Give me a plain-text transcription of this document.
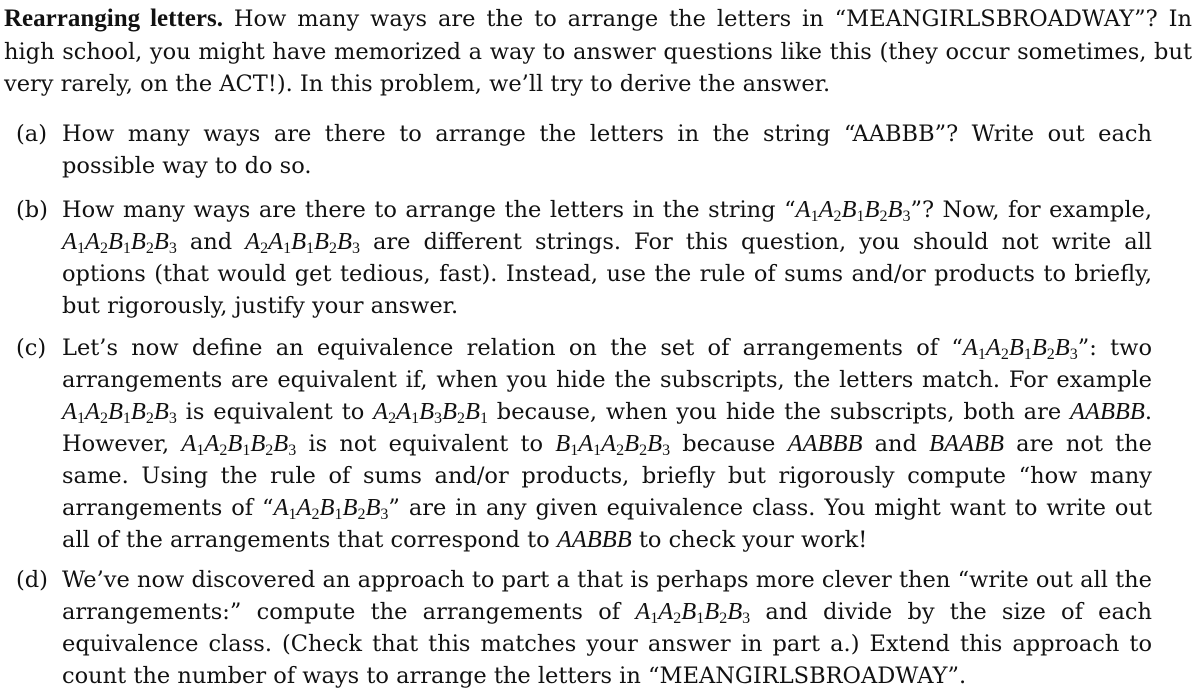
Rearranging letters. How many ways are the to arrange the letters in “MEANGIRLSBROADWAY”? In high school, you might have memorized a way to answer questions like this (they occur sometimes, but very rarely, on the ACT!). In this problem, we’ll try to derive the answer.
(a) How many ways are there to arrange the letters in the string “AABBB”? Write out each possible way to do so.
(b) How many ways are there to arrange the letters in the string “$A_1A_2B_1B_2B_3$”? Now, for example, $A_1A_2B_1B_2B_3$ and $A_2A_1B_1B_2B_3$ are different strings. For this question, you should not write all options (that would get tedious, fast). Instead, use the rule of sums and/or products to briefly, but rigorously, justify your answer.
(c) Let’s now define an equivalence relation on the set of arrangements of “$A_1A_2B_1B_2B_3$”: two arrangements are equivalent if, when you hide the subscripts, the letters match. For example $A_1A_2B_1B_2B_3$ is equivalent to $A_2A_1B_3B_2B_1$ because, when you hide the subscripts, both are AABBB. However, $A_1A_2B_1B_2B_3$ is not equivalent to $B_1A_1A_2B_2B_3$ because AABBB and BAABB are not the same. Using the rule of sums and/or products, briefly but rigorously compute “how many arrangements of “$A_1A_2B_1B_2B_3$” are in any given equivalence class. You might want to write out all of the arrangements that correspond to AABBB to check your work!
(d) We’ve now discovered an approach to part a that is perhaps more clever then “write out all the arrangements:” compute the arrangements of $A_1A_2B_1B_2B_3$ and divide by the size of each equivalence class. (Check that this matches your answer in part a.) Extend this approach to count the number of ways to arrange the letters in “MEANGIRLSBROADWAY”.
